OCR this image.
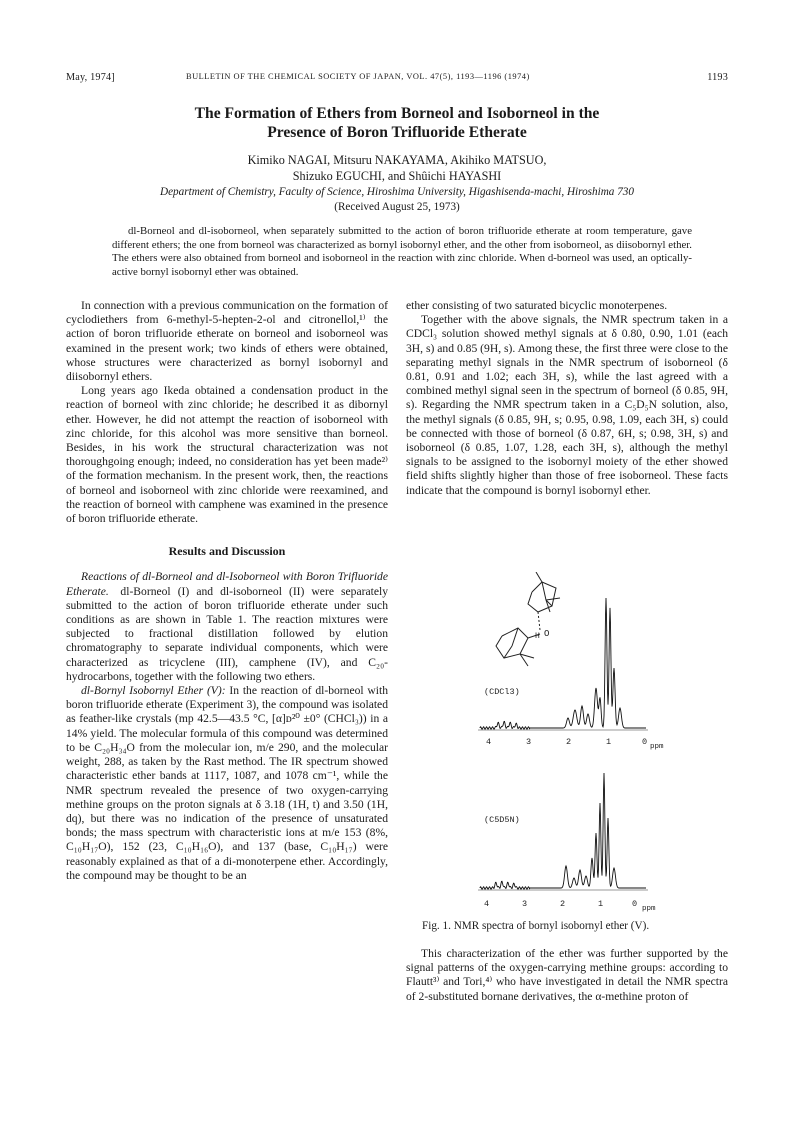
May, 1974]	BULLETIN OF THE CHEMICAL SOCIETY OF JAPAN, VOL. 47(5), 1193—1196 (1974)	1193
The Formation of Ethers from Borneol and Isoborneol in the
Presence of Boron Trifluoride Etherate
Kimiko NAGAI, Mitsuru NAKAYAMA, Akihiko MATSUO,
Shizuko EGUCHI, and Shûichi HAYASHI
Department of Chemistry, Faculty of Science, Hiroshima University, Higashisenda-machi, Hiroshima 730
(Received August 25, 1973)
dl-Borneol and dl-isoborneol, when separately submitted to the action of boron trifluoride etherate at room temperature, gave different ethers; the one from borneol was characterized as bornyl isobornyl ether, and the other from isoborneol, as diisobornyl ether. The ethers were also obtained from borneol and isoborneol in the reaction with zinc chloride. When d-borneol was used, an optically-active bornyl isobornyl ether was obtained.

In connection with a previous communication on the formation of cyclodiethers from 6-methyl-5-hepten-2-ol and citronellol,¹⁾ the action of boron trifluoride etherate on borneol and isoborneol was examined in the present work; two kinds of ethers were obtained, whose structures were characterized as bornyl isobornyl and diisobornyl ethers.

Long years ago Ikeda obtained a condensation product in the reaction of borneol with zinc chloride; he described it as dibornyl ether. However, he did not attempt the reaction of isoborneol with zinc chloride, for this alcohol was more sensitive than borneol. Besides, in his work the structural characterization was not thoroughgoing enough; indeed, no consideration has yet been made²⁾ of the formation mechanism. In the present work, then, the reactions of borneol and isoborneol with zinc chloride were reexamined, and the reaction of borneol with camphene was examined in the presence of boron trifluoride etherate.

Results and Discussion

Reactions of dl-Borneol and dl-Isoborneol with Boron Trifluoride Etherate.  dl-Borneol (I) and dl-isoborneol (II) were separately submitted to the action of boron trifluoride etherate under such conditions as are shown in Table 1. The reaction mixtures were subjected to fractional distillation followed by elution chromatography to separate individual components, which were characterized as tricyclene (III), camphene (IV), and C₂₀-hydrocarbons, together with the following two ethers.

dl-Bornyl Isobornyl Ether (V): In the reaction of dl-borneol with boron trifluoride etherate (Experiment 3), the compound was isolated as feather-like crystals (mp 42.5—43.5 °C, [α]ᴅ²⁰ ±0° (CHCl₃)) in a 14% yield. The molecular formula of this compound was determined to be C₂₀H₃₄O from the molecular ion, m/e 290, and the molecular weight, 288, as taken by the Rast method. The IR spectrum showed characteristic ether bands at 1117, 1087, and 1078 cm⁻¹, while the NMR spectrum revealed the presence of two oxygen-carrying methine groups on the proton signals at δ 3.18 (1H, t) and 3.50 (1H, dq), but there was no indication of the presence of unsaturated bonds; the mass spectrum with characteristic ions at m/e 153 (8%, C₁₀H₁₇O), 152 (23, C₁₀H₁₆O), and 137 (base, C₁₀H₁₇) were reasonably explained as that of a di-monoterpene ether. Accordingly, the compound may be thought to be an

ether consisting of two saturated bicyclic monoterpenes.

Together with the above signals, the NMR spectrum taken in a CDCl₃ solution showed methyl signals at δ 0.80, 0.90, 1.01 (each 3H, s) and 0.85 (9H, s). Among these, the first three were close to the separating methyl signals in the NMR spectrum of isoborneol (δ 0.81, 0.91 and 1.02; each 3H, s), while the last agreed with a combined methyl signal seen in the spectrum of borneol (δ 0.85, 9H, s). Regarding the NMR spectrum taken in a C₅D₅N solution, also, the methyl signals (δ 0.85, 9H, s; 0.95, 0.98, 1.09, each 3H, s) could be connected with those of borneol (δ 0.87, 6H, s; 0.98, 3H, s) and isoborneol (δ 0.85, 1.07, 1.28, each 3H, s), although the methyl signals to be assigned to the isobornyl moiety of the ether showed field shifts slightly higher than those of free isoborneol. These facts indicate that the compound is bornyl isobornyl ether.

H O
(CDCl3)
4	3	2	1	0 ppm
(C5D5N)
4	3	2	1	0 ppm
Fig. 1. NMR spectra of bornyl isobornyl ether (V).

This characterization of the ether was further supported by the signal patterns of the oxygen-carrying methine groups: according to Flautt³⁾ and Tori,⁴⁾ who have investigated in detail the NMR spectra of 2-substituted bornane derivatives, the α-methine proton of
